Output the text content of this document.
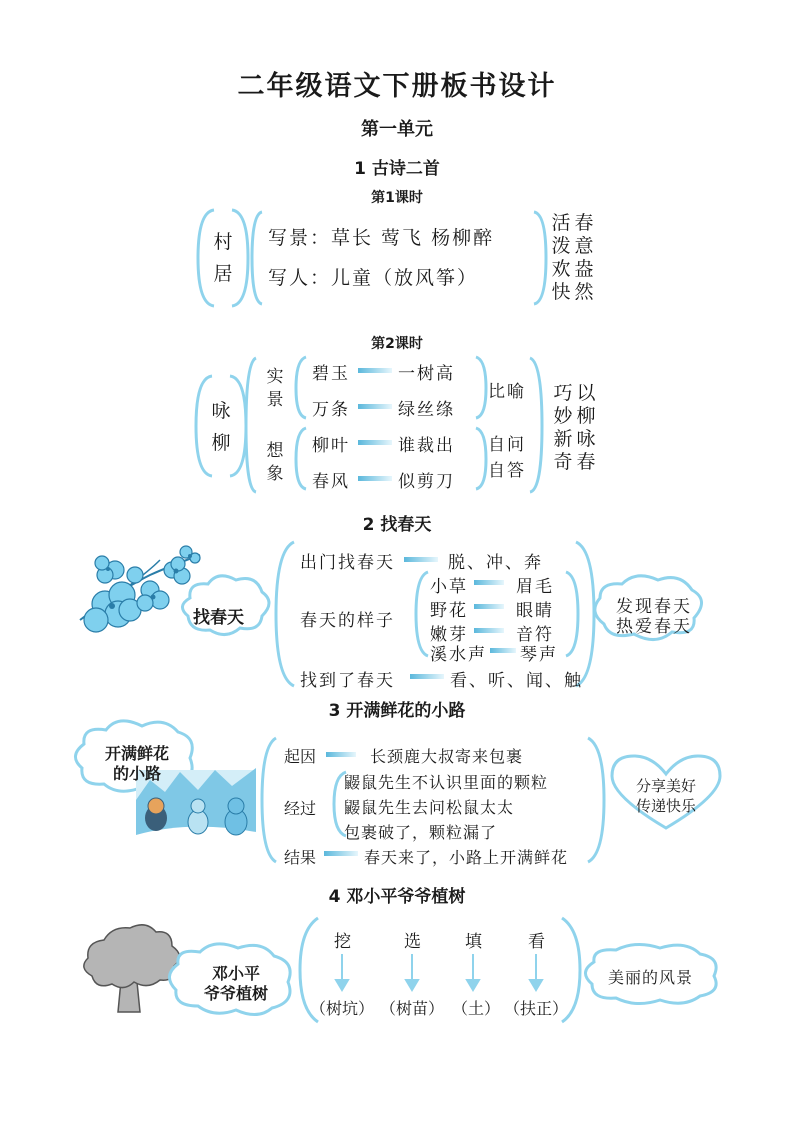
二年级语文下册板书设计
第一单元
1 古诗二首
第1课时
村
居
写景：草长 莺飞 杨柳醉
写人：儿童（放风筝）
活泼欢快
春意盎然
第2课时
咏
柳
实景
想象
碧玉	一树高
万条	绿丝绦
柳叶	谁裁出
春风	似剪刀
比喻
自问自答
巧妙新奇
以柳咏春
2 找春天
找春天
出门找春天	脱、冲、奔
春天的样子
小草	眉毛
野花	眼睛
嫩芽	音符
溪水声 琴声
找到了春天	看、听、闻、触
发现春天
热爱春天
3 开满鲜花的小路
开满鲜花
的小路
起因	长颈鹿大叔寄来包裹
经过
鼹鼠先生不认识里面的颗粒
鼹鼠先生去问松鼠太太
包裹破了，颗粒漏了
结果	春天来了，小路上开满鲜花
分享美好
传递快乐
4 邓小平爷爷植树
邓小平
爷爷植树
挖	选	填	看
（树坑） （树苗） （土） （扶正）
美丽的风景
